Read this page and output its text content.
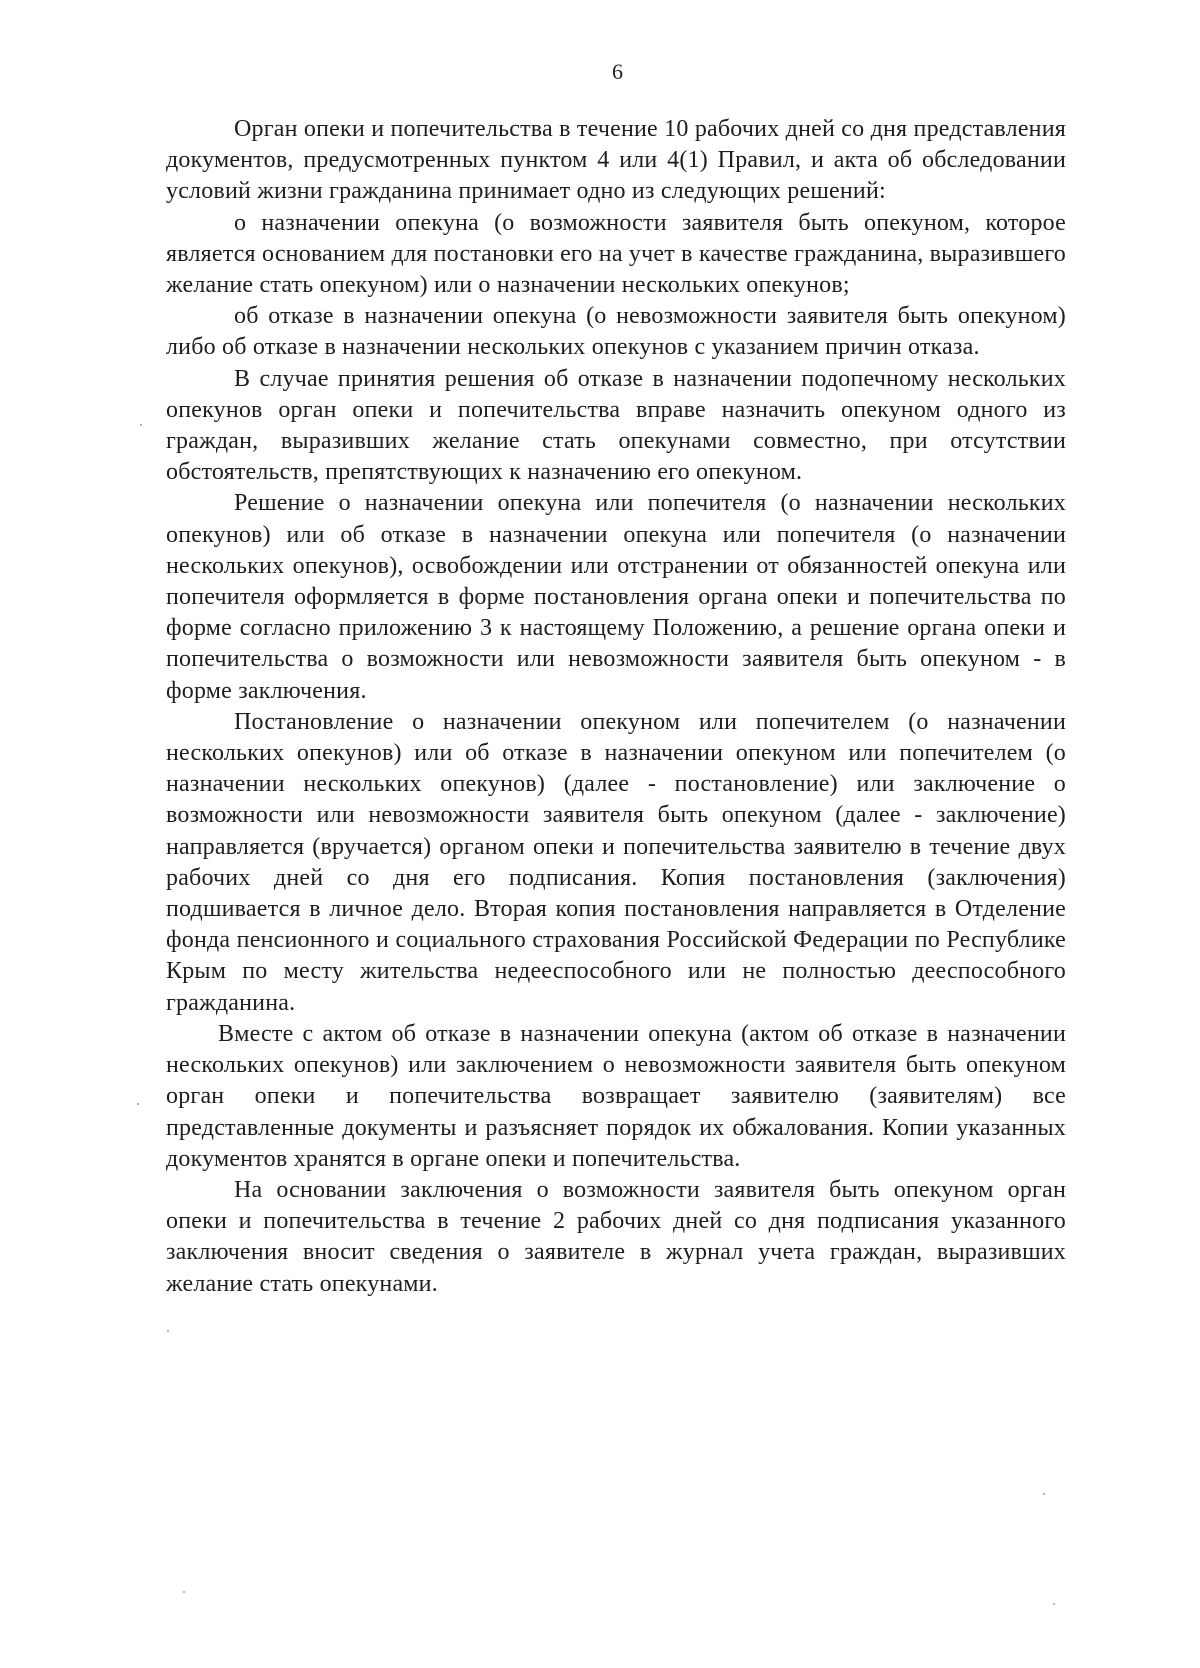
6

Орган опеки и попечительства в течение 10 рабочих дней со дня представления документов, предусмотренных пунктом 4 или 4(1) Правил, и акта об обследовании условий жизни гражданина принимает одно из следующих решений:

о назначении опекуна (о возможности заявителя быть опекуном, которое является основанием для постановки его на учет в качестве гражданина, выразившего желание стать опекуном) или о назначении нескольких опекунов;

об отказе в назначении опекуна (о невозможности заявителя быть опекуном) либо об отказе в назначении нескольких опекунов с указанием причин отказа.

В случае принятия решения об отказе в назначении подопечному нескольких опекунов орган опеки и попечительства вправе назначить опекуном одного из граждан, выразивших желание стать опекунами совместно, при отсутствии обстоятельств, препятствующих к назначению его опекуном.

Решение о назначении опекуна или попечителя (о назначении нескольких опекунов) или об отказе в назначении опекуна или попечителя (о назначении нескольких опекунов), освобождении или отстранении от обязанностей опекуна или попечителя оформляется в форме постановления органа опеки и попечительства по форме согласно приложению 3 к настоящему Положению, а решение органа опеки и попечительства о возможности или невозможности заявителя быть опекуном - в форме заключения.

Постановление о назначении опекуном или попечителем (о назначении нескольких опекунов) или об отказе в назначении опекуном или попечителем (о назначении нескольких опекунов) (далее - постановление) или заключение о возможности или невозможности заявителя быть опекуном (далее - заключение) направляется (вручается) органом опеки и попечительства заявителю в течение двух рабочих дней со дня его подписания. Копия постановления (заключения) подшивается в личное дело. Вторая копия постановления направляется в Отделение фонда пенсионного и социального страхования Российской Федерации по Республике Крым по месту жительства недееспособного или не полностью дееспособного гражданина.

Вместе с актом об отказе в назначении опекуна (актом об отказе в назначении нескольких опекунов) или заключением о невозможности заявителя быть опекуном орган опеки и попечительства возвращает заявителю (заявителям) все представленные документы и разъясняет порядок их обжалования. Копии указанных документов хранятся в органе опеки и попечительства.

На основании заключения о возможности заявителя быть опекуном орган опеки и попечительства в течение 2 рабочих дней со дня подписания указанного заключения вносит сведения о заявителе в журнал учета граждан, выразивших желание стать опекунами.
